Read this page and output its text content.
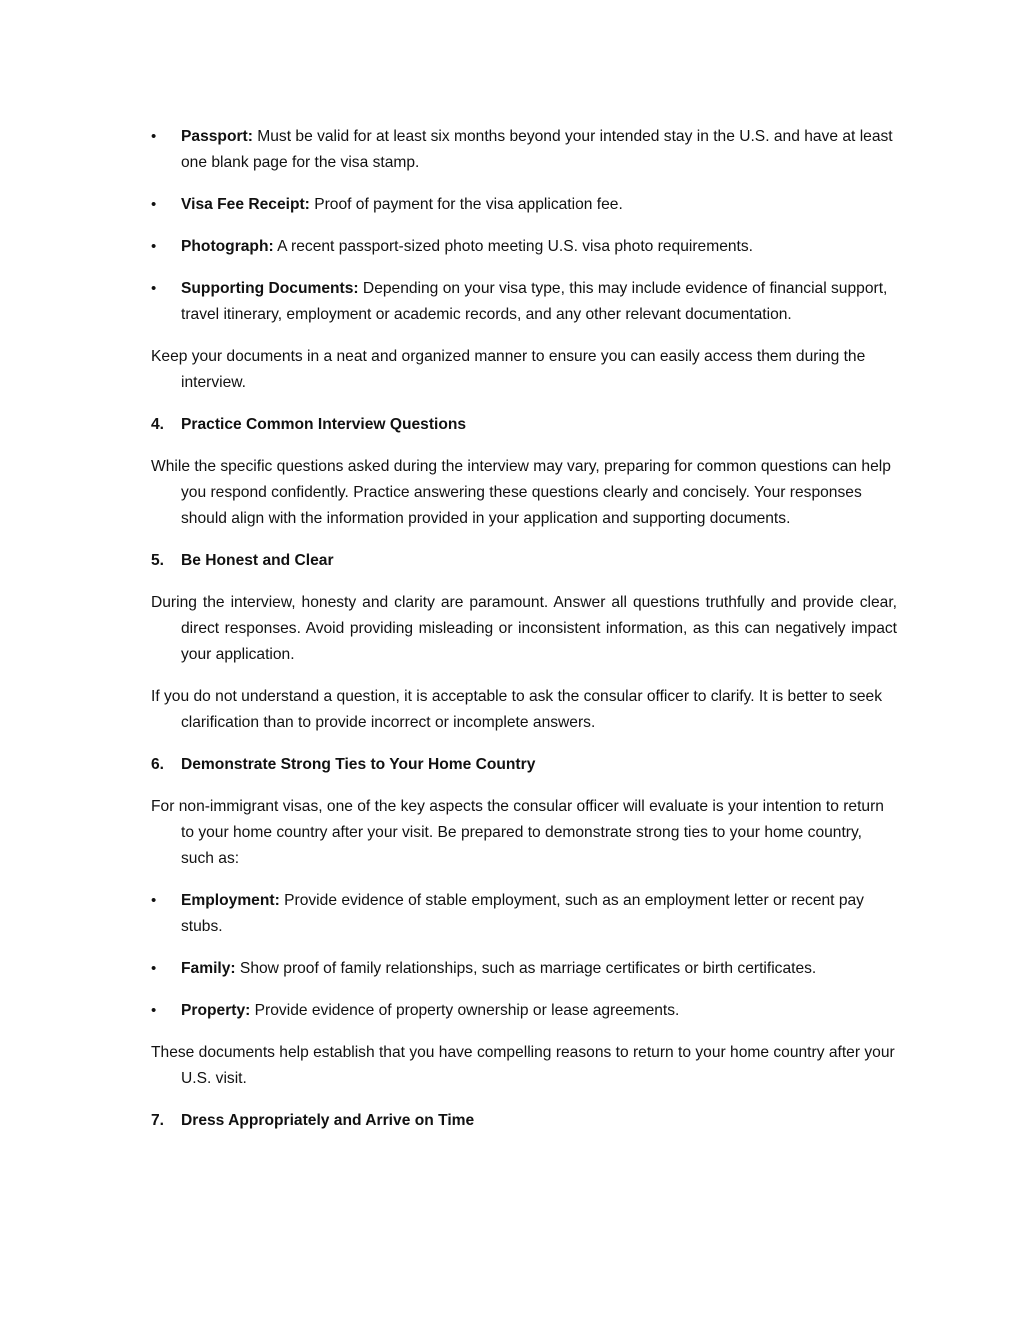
•	Passport: Must be valid for at least six months beyond your intended stay in the U.S. and have at least one blank page for the visa stamp.
•	Visa Fee Receipt: Proof of payment for the visa application fee.
•	Photograph: A recent passport-sized photo meeting U.S. visa photo requirements.
•	Supporting Documents: Depending on your visa type, this may include evidence of financial support, travel itinerary, employment or academic records, and any other relevant documentation.

Keep your documents in a neat and organized manner to ensure you can easily access them during the interview.

4. Practice Common Interview Questions

While the specific questions asked during the interview may vary, preparing for common questions can help you respond confidently. Practice answering these questions clearly and concisely. Your responses should align with the information provided in your application and supporting documents.

5. Be Honest and Clear

During the interview, honesty and clarity are paramount. Answer all questions truthfully and provide clear, direct responses. Avoid providing misleading or inconsistent information, as this can negatively impact your application.

If you do not understand a question, it is acceptable to ask the consular officer to clarify. It is better to seek clarification than to provide incorrect or incomplete answers.

6. Demonstrate Strong Ties to Your Home Country

For non-immigrant visas, one of the key aspects the consular officer will evaluate is your intention to return to your home country after your visit. Be prepared to demonstrate strong ties to your home country, such as:

•	Employment: Provide evidence of stable employment, such as an employment letter or recent pay stubs.
•	Family: Show proof of family relationships, such as marriage certificates or birth certificates.
•	Property: Provide evidence of property ownership or lease agreements.

These documents help establish that you have compelling reasons to return to your home country after your U.S. visit.

7. Dress Appropriately and Arrive on Time
